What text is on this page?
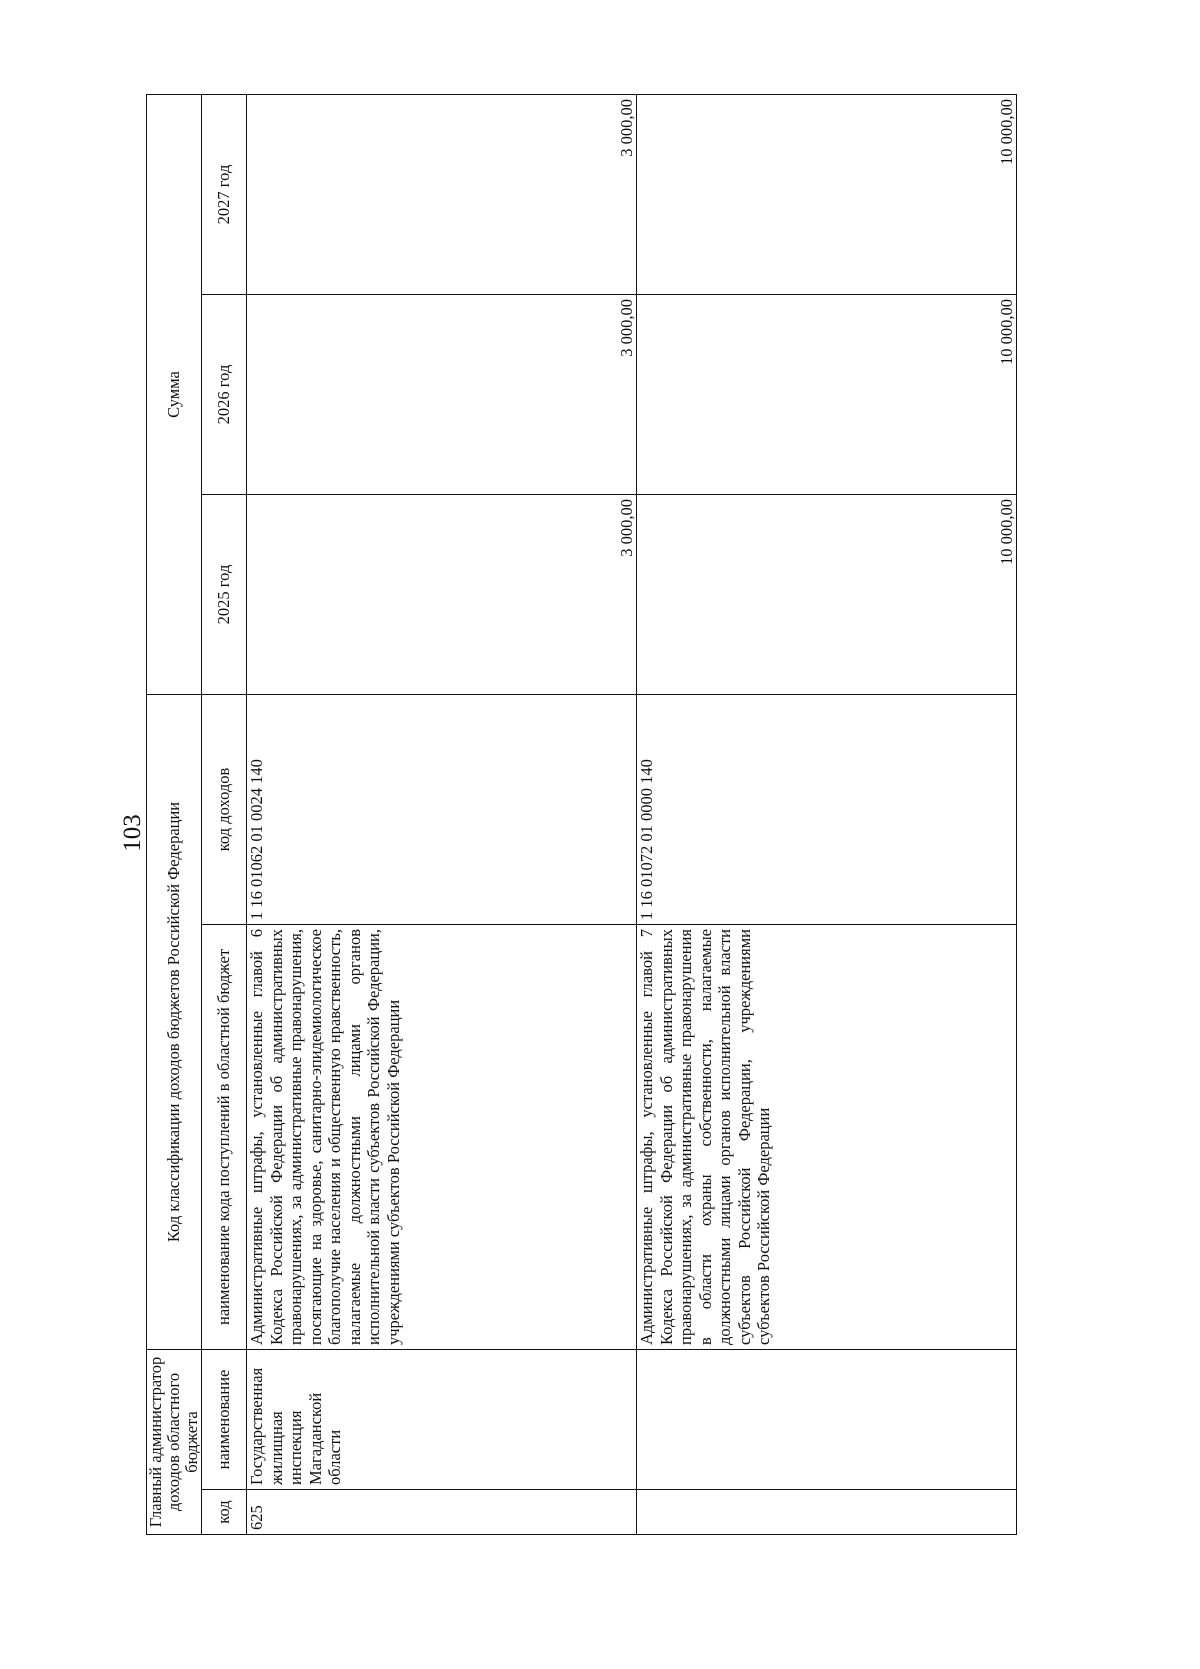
103
Главный администратор доходов областного бюджета		Код классификации доходов бюджетов Российской Федерации		Сумма		
код	наименование	наименование кода поступлений в областной бюджет	код доходов	2025 год	2026 год	2027 год
625	Государственная жилищная инспекция Магаданской области	Административные штрафы, установленные главой 6 Кодекса Российской Федерации об административных правонарушениях, за административные правонарушения, посягающие на здоровье, санитарно-эпидемиологическое благополучие населения и общественную нравственность, налагаемые должностными лицами органов исполнительной власти субъектов Российской Федерации, учреждениями субъектов Российской Федерации	1 16 01062 01 0024 140	3 000,00	3 000,00	3 000,00

		Административные штрафы, установленные главой 7 Кодекса Российской Федерации об административных правонарушениях, за административные правонарушения в области охраны собственности, налагаемые должностными лицами органов исполнительной власти субъектов Российской Федерации, учреждениями субъектов Российской Федерации	1 16 01072 01 0000 140	10 000,00	10 000,00	10 000,00
